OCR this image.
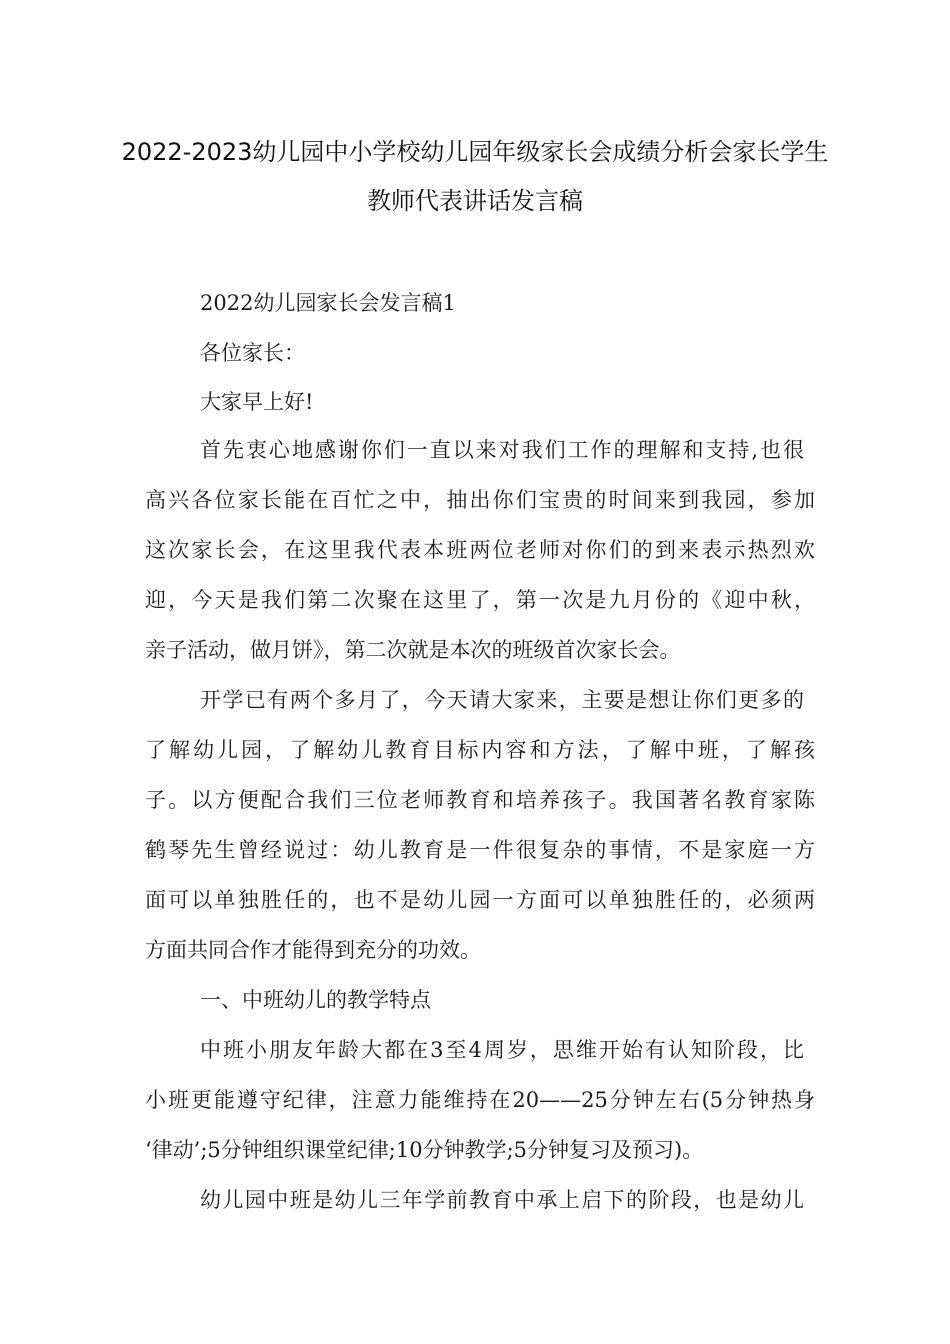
2022-2023幼儿园中小学校幼儿园年级家长会成绩分析会家长学生
教师代表讲话发言稿
2022幼儿园家长会发言稿1
各位家长：
大家早上好!
首先衷心地感谢你们一直以来对我们工作的理解和支持,也很
高兴各位家长能在百忙之中，抽出你们宝贵的时间来到我园，参加
这次家长会，在这里我代表本班两位老师对你们的到来表示热烈欢
迎，今天是我们第二次聚在这里了，第一次是九月份的《迎中秋，
亲子活动，做月饼》，第二次就是本次的班级首次家长会。
开学已有两个多月了，今天请大家来，主要是想让你们更多的
了解幼儿园，了解幼儿教育目标内容和方法，了解中班，了解孩
子。以方便配合我们三位老师教育和培养孩子。我国著名教育家陈
鹤琴先生曾经说过：幼儿教育是一件很复杂的事情，不是家庭一方
面可以单独胜任的，也不是幼儿园一方面可以单独胜任的，必须两
方面共同合作才能得到充分的功效。
一、中班幼儿的教学特点
中班小朋友年龄大都在3至4周岁，思维开始有认知阶段，比
小班更能遵守纪律，注意力能维持在20——25分钟左右(5分钟热身
‘律动’;5分钟组织课堂纪律;10分钟教学;5分钟复习及预习)。
幼儿园中班是幼儿三年学前教育中承上启下的阶段，也是幼儿
